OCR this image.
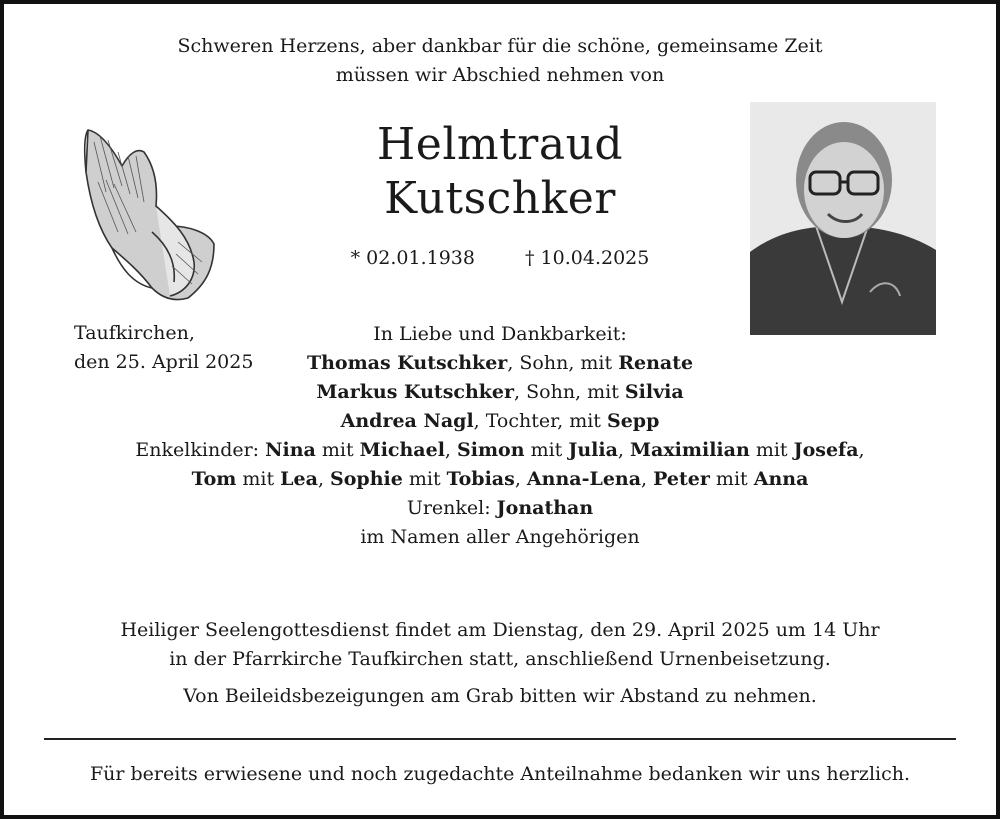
Schweren Herzens, aber dankbar für die schöne, gemeinsame Zeit
müssen wir Abschied nehmen von
Helmtraud
Kutschker
* 02.01.1938	† 10.04.2025
Taufkirchen,
den 25. April 2025
In Liebe und Dankbarkeit:
Thomas Kutschker, Sohn, mit Renate
Markus Kutschker, Sohn, mit Silvia
Andrea Nagl, Tochter, mit Sepp
Enkelkinder: Nina mit Michael, Simon mit Julia, Maximilian mit Josefa,
Tom mit Lea, Sophie mit Tobias, Anna-Lena, Peter mit Anna
Urenkel: Jonathan
im Namen aller Angehörigen
Heiliger Seelengottesdienst findet am Dienstag, den 29. April 2025 um 14 Uhr
in der Pfarrkirche Taufkirchen statt, anschließend Urnenbeisetzung.
Von Beileidsbezeigungen am Grab bitten wir Abstand zu nehmen.
Für bereits erwiesene und noch zugedachte Anteilnahme bedanken wir uns herzlich.
